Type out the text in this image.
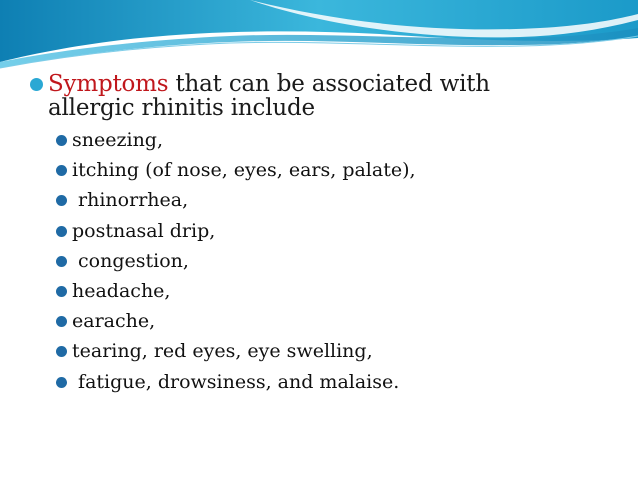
Symptoms that can be associated with
allergic rhinitis include
sneezing,
itching (of nose, eyes, ears, palate),
rhinorrhea,
postnasal drip,
congestion,
headache,
earache,
tearing, red eyes, eye swelling,
fatigue, drowsiness, and malaise.
